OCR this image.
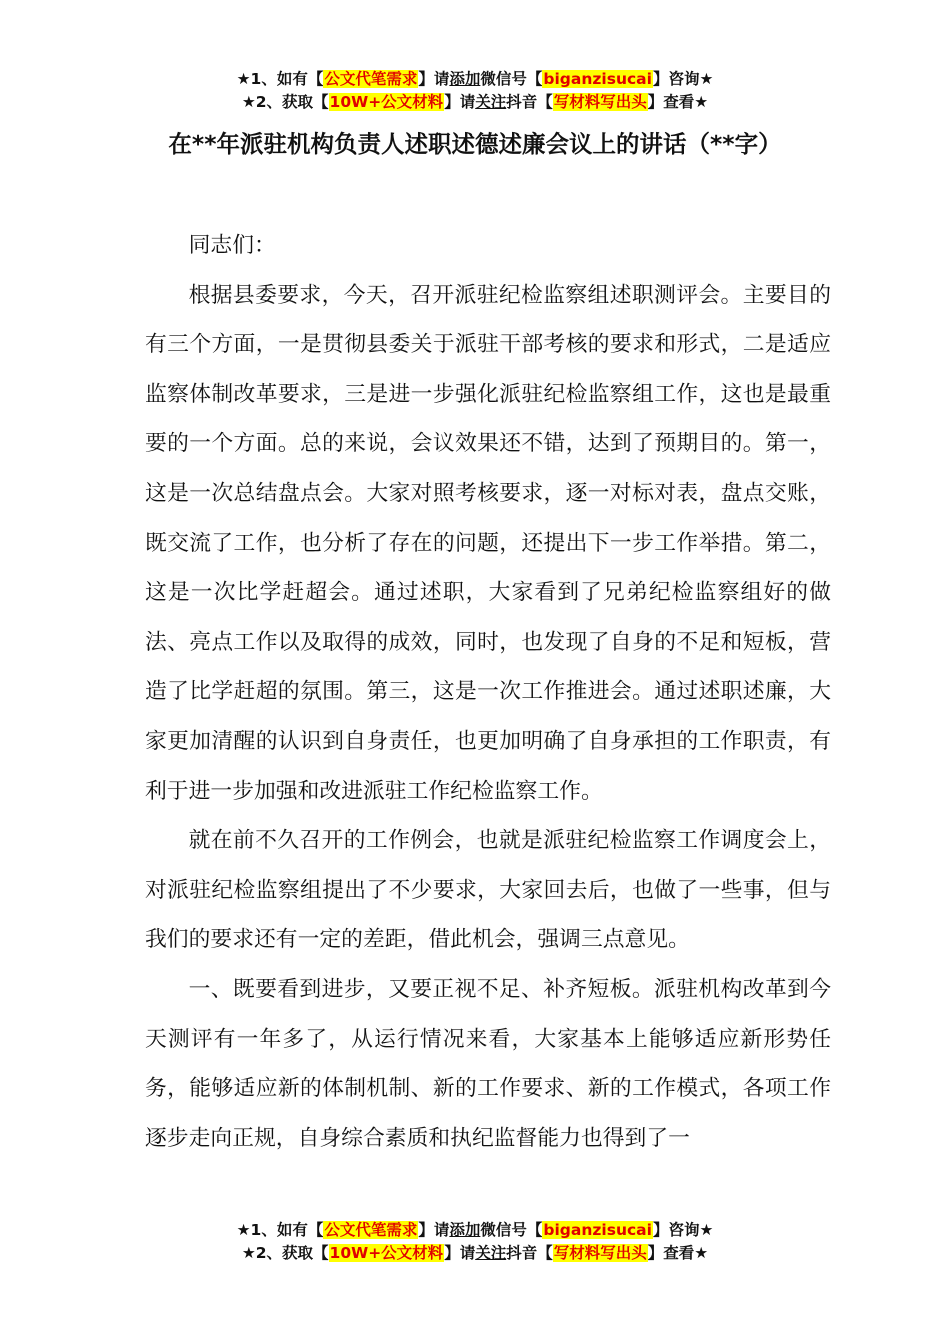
★1、如有【公文代笔需求】请添加微信号【biganzisucai】咨询★
★2、获取【10W+公文材料】请关注抖音【写材料写出头】查看★
在**年派驻机构负责人述职述德述廉会议上的讲话（**字）

同志们：

根据县委要求，今天，召开派驻纪检监察组述职测评会。主要目的有三个方面，一是贯彻县委关于派驻干部考核的要求和形式，二是适应监察体制改革要求，三是进一步强化派驻纪检监察组工作，这也是最重要的一个方面。总的来说，会议效果还不错，达到了预期目的。第一，这是一次总结盘点会。大家对照考核要求，逐一对标对表，盘点交账，既交流了工作，也分析了存在的问题，还提出下一步工作举措。第二，这是一次比学赶超会。通过述职，大家看到了兄弟纪检监察组好的做法、亮点工作以及取得的成效，同时，也发现了自身的不足和短板，营造了比学赶超的氛围。第三，这是一次工作推进会。通过述职述廉，大家更加清醒的认识到自身责任，也更加明确了自身承担的工作职责，有利于进一步加强和改进派驻工作纪检监察工作。

就在前不久召开的工作例会，也就是派驻纪检监察工作调度会上，对派驻纪检监察组提出了不少要求，大家回去后，也做了一些事，但与我们的要求还有一定的差距，借此机会，强调三点意见。

一、既要看到进步，又要正视不足、补齐短板。派驻机构改革到今天测评有一年多了，从运行情况来看，大家基本上能够适应新形势任务，能够适应新的体制机制、新的工作要求、新的工作模式，各项工作逐步走向正规，自身综合素质和执纪监督能力也得到了一

★1、如有【公文代笔需求】请添加微信号【biganzisucai】咨询★
★2、获取【10W+公文材料】请关注抖音【写材料写出头】查看★
